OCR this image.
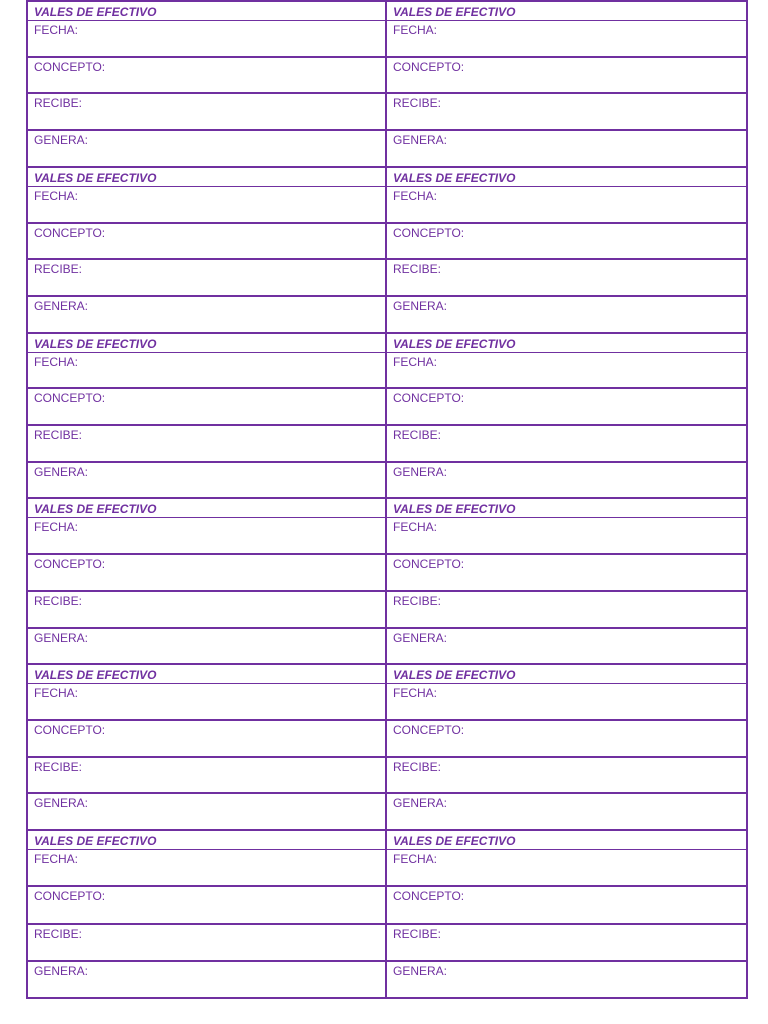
VALES DE EFECTIVO
FECHA:
CONCEPTO:
RECIBE:
GENERA:
VALES DE EFECTIVO
FECHA:
CONCEPTO:
RECIBE:
GENERA:
VALES DE EFECTIVO
FECHA:
CONCEPTO:
RECIBE:
GENERA:
VALES DE EFECTIVO
FECHA:
CONCEPTO:
RECIBE:
GENERA:
VALES DE EFECTIVO
FECHA:
CONCEPTO:
RECIBE:
GENERA:
VALES DE EFECTIVO
FECHA:
CONCEPTO:
RECIBE:
GENERA:
VALES DE EFECTIVO
FECHA:
CONCEPTO:
RECIBE:
GENERA:
VALES DE EFECTIVO
FECHA:
CONCEPTO:
RECIBE:
GENERA:
VALES DE EFECTIVO
FECHA:
CONCEPTO:
RECIBE:
GENERA:
VALES DE EFECTIVO
FECHA:
CONCEPTO:
RECIBE:
GENERA:
VALES DE EFECTIVO
FECHA:
CONCEPTO:
RECIBE:
GENERA:
VALES DE EFECTIVO
FECHA:
CONCEPTO:
RECIBE:
GENERA:
